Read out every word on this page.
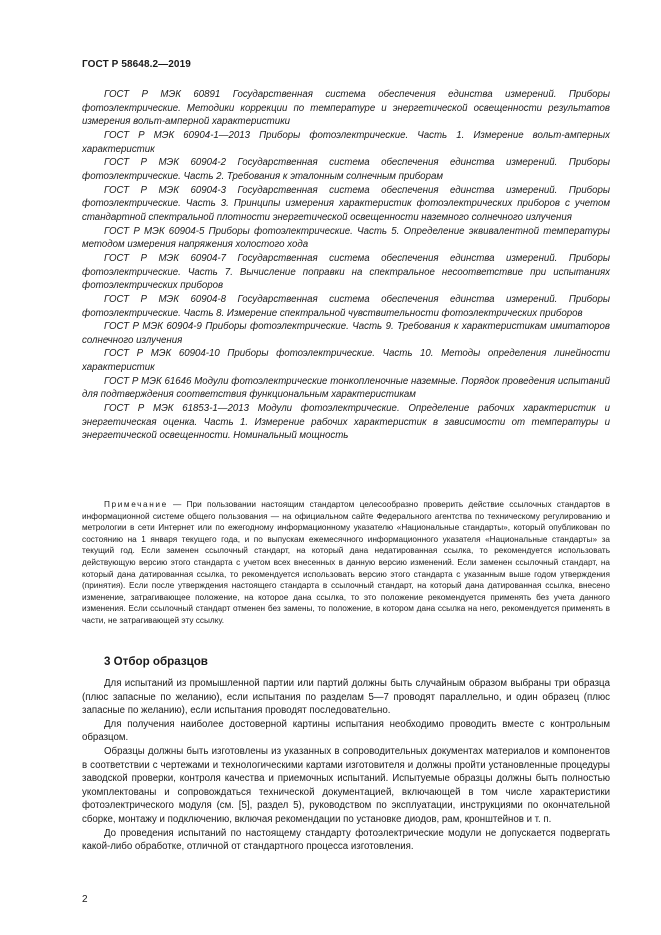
ГОСТ Р 58648.2—2019

ГОСТ Р МЭК 60891 Государственная система обеспечения единства измерений. Приборы фотоэлектрические. Методики коррекции по температуре и энергетической освещенности результатов измерения вольт-амперной характеристики

ГОСТ Р МЭК 60904-1—2013 Приборы фотоэлектрические. Часть 1. Измерение вольт-амперных характеристик

ГОСТ Р МЭК 60904-2 Государственная система обеспечения единства измерений. Приборы фотоэлектрические. Часть 2. Требования к эталонным солнечным приборам

ГОСТ Р МЭК 60904-3 Государственная система обеспечения единства измерений. Приборы фотоэлектрические. Часть 3. Принципы измерения характеристик фотоэлектрических приборов с учетом стандартной спектральной плотности энергетической освещенности наземного солнечного излучения

ГОСТ Р МЭК 60904-5 Приборы фотоэлектрические. Часть 5. Определение эквивалентной температуры методом измерения напряжения холостого хода

ГОСТ Р МЭК 60904-7 Государственная система обеспечения единства измерений. Приборы фотоэлектрические. Часть 7. Вычисление поправки на спектральное несоответствие при испытаниях фотоэлектрических приборов

ГОСТ Р МЭК 60904-8 Государственная система обеспечения единства измерений. Приборы фотоэлектрические. Часть 8. Измерение спектральной чувствительности фотоэлектрических приборов

ГОСТ Р МЭК 60904-9 Приборы фотоэлектрические. Часть 9. Требования к характеристикам имитаторов солнечного излучения

ГОСТ Р МЭК 60904-10 Приборы фотоэлектрические. Часть 10. Методы определения линейности характеристик

ГОСТ Р МЭК 61646 Модули фотоэлектрические тонкопленочные наземные. Порядок проведения испытаний для подтверждения соответствия функциональным характеристикам

ГОСТ Р МЭК 61853-1—2013 Модули фотоэлектрические. Определение рабочих характеристик и энергетическая оценка. Часть 1. Измерение рабочих характеристик в зависимости от температуры и энергетической освещенности. Номинальный мощность

Примечание — При пользовании настоящим стандартом целесообразно проверить действие ссылочных стандартов в информационной системе общего пользования — на официальном сайте Федерального агентства по техническому регулированию и метрологии в сети Интернет или по ежегодному информационному указателю «Национальные стандарты», который опубликован по состоянию на 1 января текущего года, и по выпускам ежемесячного информационного указателя «Национальные стандарты» за текущий год. Если заменен ссылочный стандарт, на который дана недатированная ссылка, то рекомендуется использовать действующую версию этого стандарта с учетом всех внесенных в данную версию изменений. Если заменен ссылочный стандарт, на который дана датированная ссылка, то рекомендуется использовать версию этого стандарта с указанным выше годом утверждения (принятия). Если после утверждения настоящего стандарта в ссылочный стандарт, на который дана датированная ссылка, внесено изменение, затрагивающее положение, на которое дана ссылка, то это положение рекомендуется применять без учета данного изменения. Если ссылочный стандарт отменен без замены, то положение, в котором дана ссылка на него, рекомендуется применять в части, не затрагивающей эту ссылку.

3 Отбор образцов

Для испытаний из промышленной партии или партий должны быть случайным образом выбраны три образца (плюс запасные по желанию), если испытания по разделам 5—7 проводят параллельно, и один образец (плюс запасные по желанию), если испытания проводят последовательно.

Для получения наиболее достоверной картины испытания необходимо проводить вместе с контрольным образцом.

Образцы должны быть изготовлены из указанных в сопроводительных документах материалов и компонентов в соответствии с чертежами и технологическими картами изготовителя и должны пройти установленные процедуры заводской проверки, контроля качества и приемочных испытаний. Испытуемые образцы должны быть полностью укомплектованы и сопровождаться технической документацией, включающей в том числе характеристики фотоэлектрического модуля (см. [5], раздел 5), руководством по эксплуатации, инструкциями по окончательной сборке, монтажу и подключению, включая рекомендации по установке диодов, рам, кронштейнов и т. п.

До проведения испытаний по настоящему стандарту фотоэлектрические модули не допускается подвергать какой-либо обработке, отличной от стандартного процесса изготовления.

2
